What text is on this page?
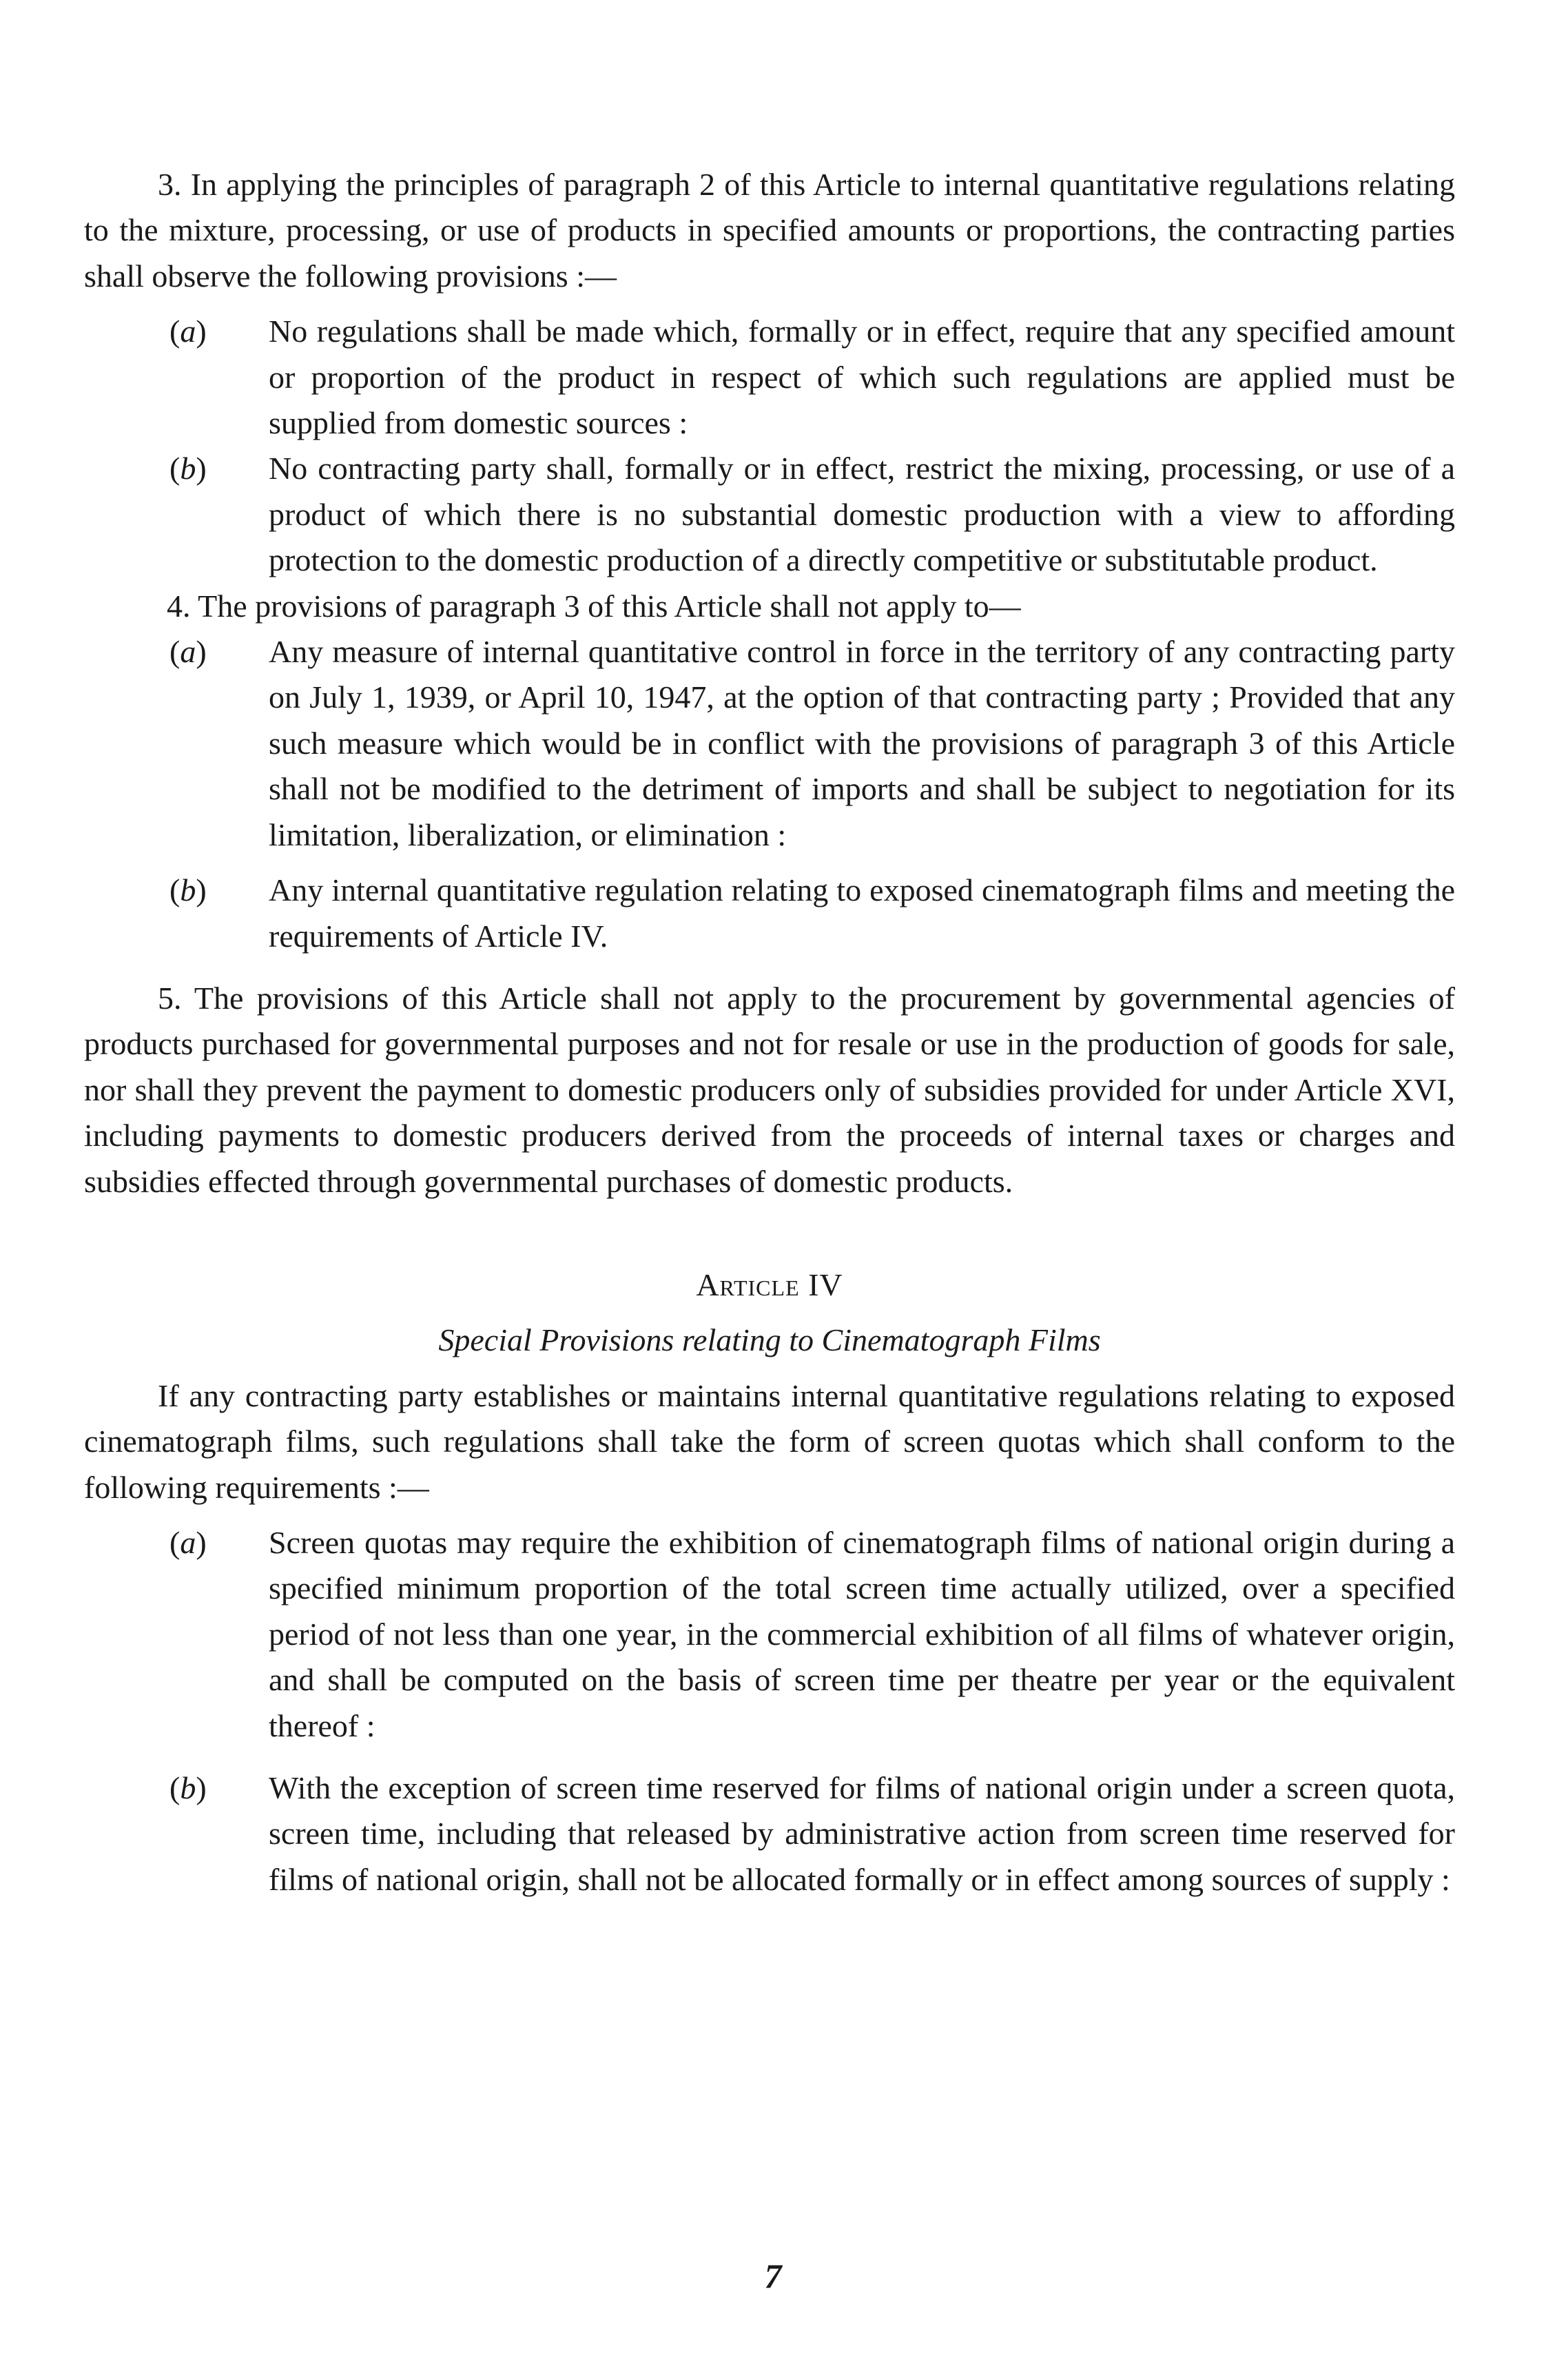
3. In applying the principles of paragraph 2 of this Article to internal quantitative regulations relating to the mixture, processing, or use of products in specified amounts or proportions, the contracting parties shall observe the following provisions :—

(a) No regulations shall be made which, formally or in effect, require that any specified amount or proportion of the product in respect of which such regulations are applied must be supplied from domestic sources :
(b) No contracting party shall, formally or in effect, restrict the mixing, processing, or use of a product of which there is no substantial domestic production with a view to affording protection to the domestic production of a directly competitive or substitutable product.

4. The provisions of paragraph 3 of this Article shall not apply to—

(a) Any measure of internal quantitative control in force in the territory of any contracting party on July 1, 1939, or April 10, 1947, at the option of that contracting party ; Provided that any such measure which would be in conflict with the provisions of paragraph 3 of this Article shall not be modified to the detriment of imports and shall be subject to negotiation for its limitation, liberalization, or elimination :
(b) Any internal quantitative regulation relating to exposed cinematograph films and meeting the requirements of Article IV.

5. The provisions of this Article shall not apply to the procurement by governmental agencies of products purchased for governmental purposes and not for resale or use in the production of goods for sale, nor shall they prevent the payment to domestic producers only of subsidies provided for under Article XVI, including payments to domestic producers derived from the proceeds of internal taxes or charges and subsidies effected through governmental purchases of domestic products.

Article IV

Special Provisions relating to Cinematograph Films

If any contracting party establishes or maintains internal quantitative regulations relating to exposed cinematograph films, such regulations shall take the form of screen quotas which shall conform to the following requirements :—

(a) Screen quotas may require the exhibition of cinematograph films of national origin during a specified minimum proportion of the total screen time actually utilized, over a specified period of not less than one year, in the commercial exhibition of all films of whatever origin, and shall be computed on the basis of screen time per theatre per year or the equivalent thereof :
(b) With the exception of screen time reserved for films of national origin under a screen quota, screen time, including that released by administrative action from screen time reserved for films of national origin, shall not be allocated formally or in effect among sources of supply :
7
